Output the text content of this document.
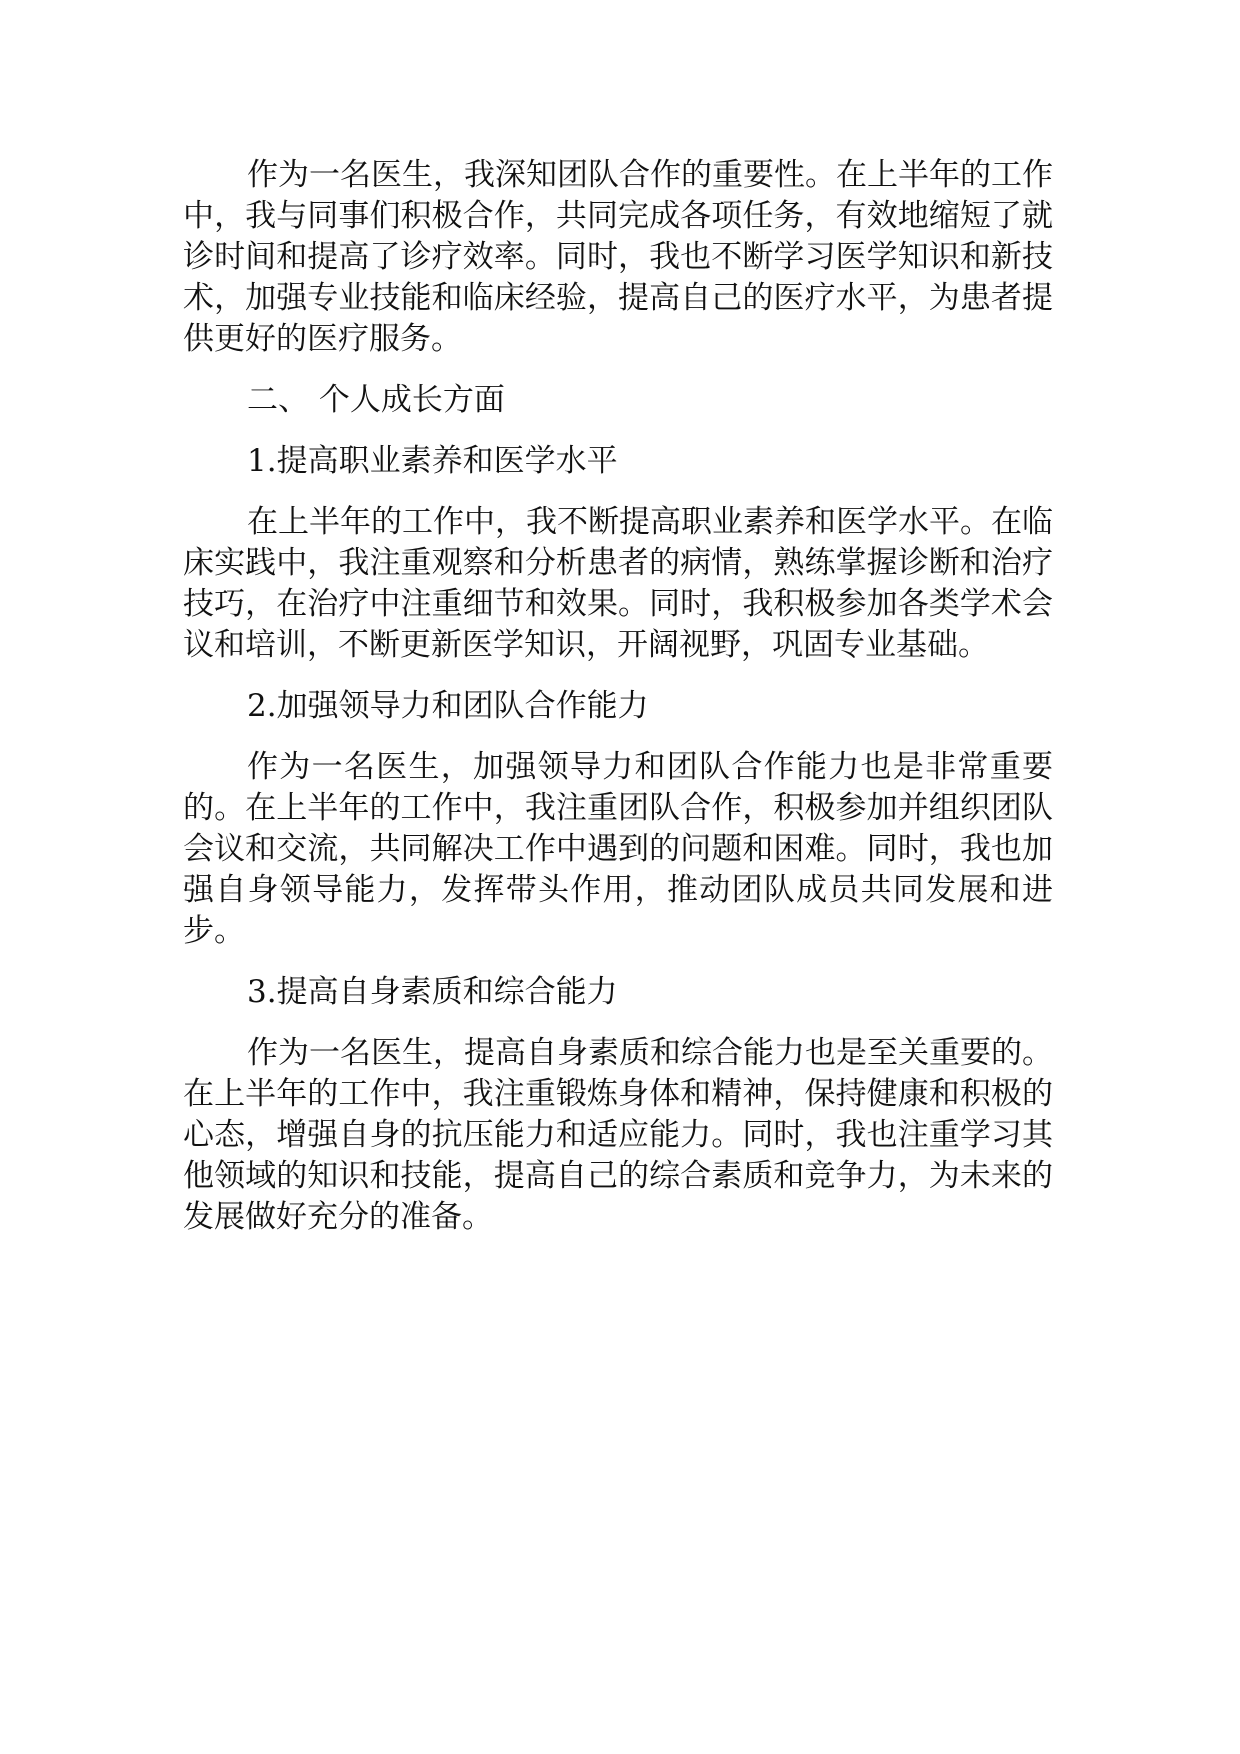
作为一名医生，我深知团队合作的重要性。在上半年的工作中，我与同事们积极合作，共同完成各项任务，有效地缩短了就诊时间和提高了诊疗效率。同时，我也不断学习医学知识和新技术，加强专业技能和临床经验，提高自己的医疗水平，为患者提供更好的医疗服务。

二、 个人成长方面

1.提高职业素养和医学水平

在上半年的工作中，我不断提高职业素养和医学水平。在临床实践中，我注重观察和分析患者的病情，熟练掌握诊断和治疗技巧，在治疗中注重细节和效果。同时，我积极参加各类学术会议和培训，不断更新医学知识，开阔视野，巩固专业基础。

2.加强领导力和团队合作能力

作为一名医生，加强领导力和团队合作能力也是非常重要的。在上半年的工作中，我注重团队合作，积极参加并组织团队会议和交流，共同解决工作中遇到的问题和困难。同时，我也加强自身领导能力，发挥带头作用，推动团队成员共同发展和进步。

3.提高自身素质和综合能力

作为一名医生，提高自身素质和综合能力也是至关重要的。在上半年的工作中，我注重锻炼身体和精神，保持健康和积极的心态，增强自身的抗压能力和适应能力。同时，我也注重学习其他领域的知识和技能，提高自己的综合素质和竞争力，为未来的发展做好充分的准备。
